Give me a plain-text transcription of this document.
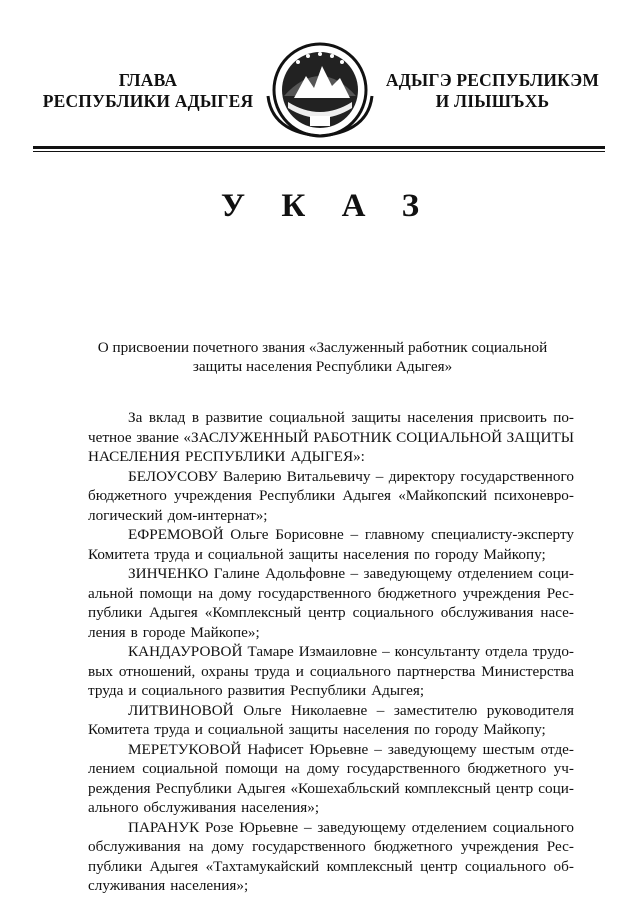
ГЛАВА
РЕСПУБЛИКИ АДЫГЕЯ
АДЫГЭ РЕСПУБЛИКЭМ
И ЛІЫШЪХЬ
У К А З
О присвоении почетного звания «Заслуженный работник социальной
защиты населения Республики Адыгея»
За вклад в развитие социальной защиты населения присвоить по-
четное звание «ЗАСЛУЖЕННЫЙ РАБОТНИК СОЦИАЛЬНОЙ ЗАЩИТЫ
НАСЕЛЕНИЯ РЕСПУБЛИКИ АДЫГЕЯ»:
БЕЛОУСОВУ Валерию Витальевичу – директору государственного
бюджетного учреждения Республики Адыгея «Майкопский психоневро-
логический дом-интернат»;
ЕФРЕМОВОЙ Ольге Борисовне – главному специалисту-эксперту
Комитета труда и социальной защиты населения по городу Майкопу;
ЗИНЧЕНКО Галине Адольфовне – заведующему отделением соци-
альной помощи на дому государственного бюджетного учреждения Рес-
публики Адыгея «Комплексный центр социального обслуживания насе-
ления в городе Майкопе»;
КАНДАУРОВОЙ Тамаре Измаиловне – консультанту отдела трудо-
вых отношений, охраны труда и социального партнерства Министерства
труда и социального развития Республики Адыгея;
ЛИТВИНОВОЙ Ольге Николаевне – заместителю руководителя
Комитета труда и социальной защиты населения по городу Майкопу;
МЕРЕТУКОВОЙ Нафисет Юрьевне – заведующему шестым отде-
лением социальной помощи на дому государственного бюджетного уч-
реждения Республики Адыгея «Кошехабльский комплексный центр соци-
ального обслуживания населения»;
ПАРАНУК Розе Юрьевне – заведующему отделением социального
обслуживания на дому государственного бюджетного учреждения Рес-
публики Адыгея «Тахтамукайский комплексный центр социального об-
служивания населения»;
